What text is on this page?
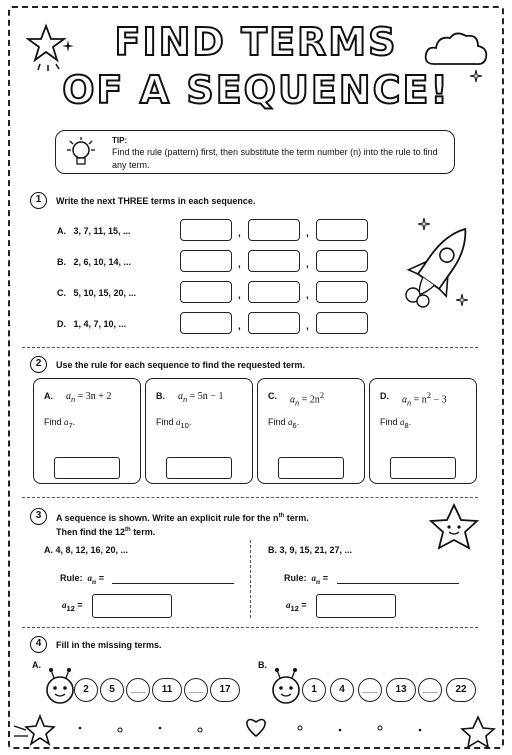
FIND TERMS
OF A SEQUENCE!
TIP:
Find the rule (pattern) first, then substitute the term number (n) into the rule to find any term.
1	Write the next THREE terms in each sequence.
A. 3, 7, 11, 15, ...
B. 2, 6, 10, 14, ...
C. 5, 10, 15, 20, ...
D. 1, 4, 7, 10, ...
,	,
,	,
,	,
,	,
2	Use the rule for each sequence to find the requested term.
A. $a_n = 3n + 2$
Find $a_7$.
B. $a_n = 5n - 1$
Find $a_{10}$.
C. $a_n = 2n^2$
Find $a_6$.
D. $a_n = n^2 - 3$
Find $a_8$.
3	A sequence is shown. Write an explicit rule for the $n^{th}$ term.
Then find the 12th term.
A. 4, 8, 12, 16, 20, ...
Rule: $a_n$ =
$a_{12}$ =
B. 3, 9, 15, 21, 27, ...
Rule: $a_n$ =
$a_{12}$ =
4	Fill in the missing terms.
A.
2	5	___	11	___	17
B.
1	4	___	13	___	22
